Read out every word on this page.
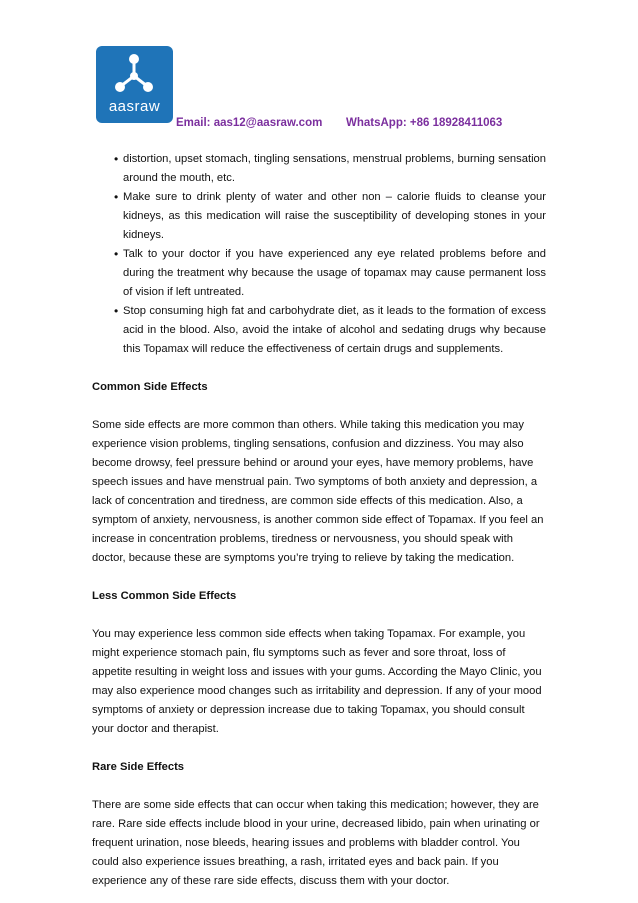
aasraw
Email: aas12@aasraw.com WhatsApp: +86 18928411063
• distortion, upset stomach, tingling sensations, menstrual problems, burning sensation around the mouth, etc.
• Make sure to drink plenty of water and other non – calorie fluids to cleanse your kidneys, as this medication will raise the susceptibility of developing stones in your kidneys.
• Talk to your doctor if you have experienced any eye related problems before and during the treatment why because the usage of topamax may cause permanent loss of vision if left untreated.
• Stop consuming high fat and carbohydrate diet, as it leads to the formation of excess acid in the blood. Also, avoid the intake of alcohol and sedating drugs why because this Topamax will reduce the effectiveness of certain drugs and supplements.
Common Side Effects

Some side effects are more common than others. While taking this medication you may experience vision problems, tingling sensations, confusion and dizziness. You may also become drowsy, feel pressure behind or around your eyes, have memory problems, have speech issues and have menstrual pain. Two symptoms of both anxiety and depression, a lack of concentration and tiredness, are common side effects of this medication. Also, a symptom of anxiety, nervousness, is another common side effect of Topamax. If you feel an increase in concentration problems, tiredness or nervousness, you should speak with doctor, because these are symptoms you’re trying to relieve by taking the medication.

Less Common Side Effects

You may experience less common side effects when taking Topamax. For example, you might experience stomach pain, flu symptoms such as fever and sore throat, loss of appetite resulting in weight loss and issues with your gums. According the Mayo Clinic, you may also experience mood changes such as irritability and depression. If any of your mood symptoms of anxiety or depression increase due to taking Topamax, you should consult your doctor and therapist.

Rare Side Effects

There are some side effects that can occur when taking this medication; however, they are rare. Rare side effects include blood in your urine, decreased libido, pain when urinating or frequent urination, nose bleeds, hearing issues and problems with bladder control. You could also experience issues breathing, a rash, irritated eyes and back pain. If you experience any of these rare side effects, discuss them with your doctor.
